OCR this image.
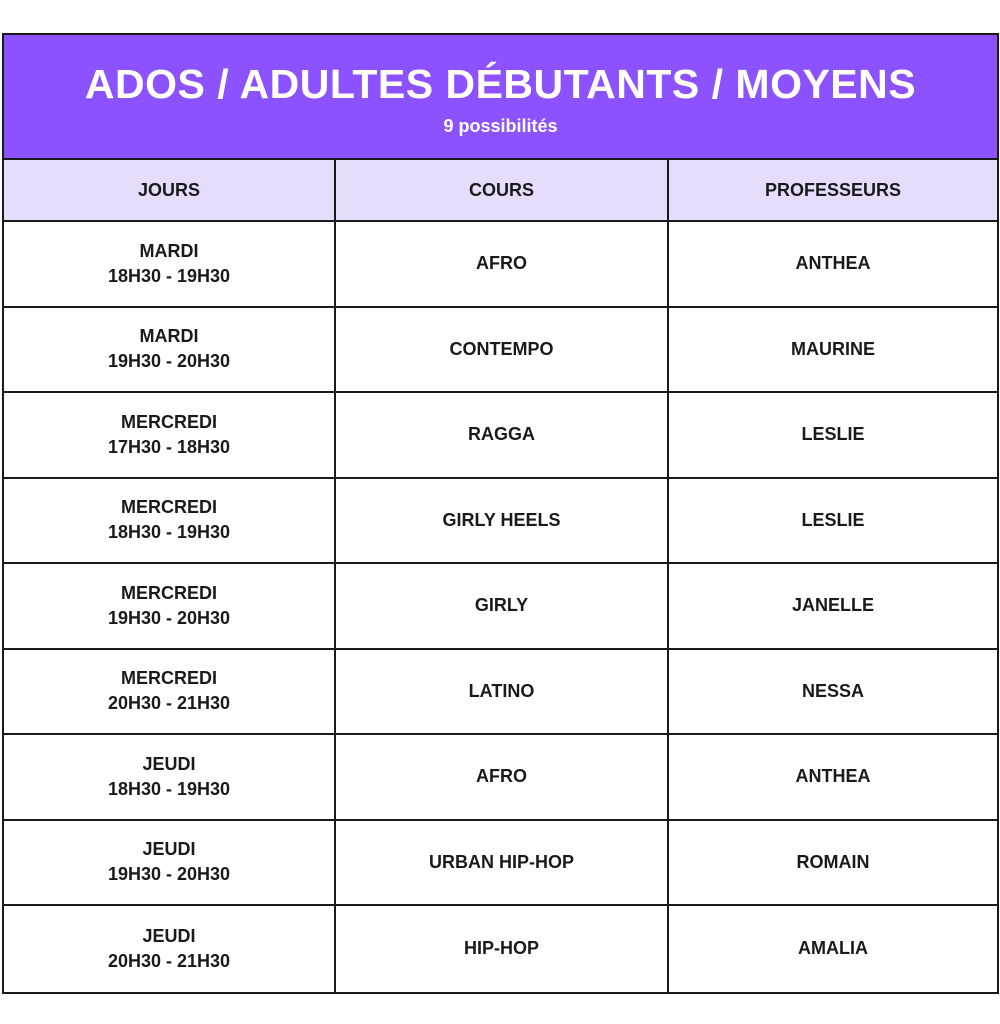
ADOS / ADULTES DÉBUTANTS / MOYENS
9 possibilités
JOURS	COURS	PROFESSEURS
MARDI
18H30 - 19H30
AFRO	ANTHEA
MARDI
19H30 - 20H30
CONTEMPO	MAURINE
MERCREDI
17H30 - 18H30
RAGGA	LESLIE
MERCREDI
18H30 - 19H30
GIRLY HEELS	LESLIE
MERCREDI
19H30 - 20H30
GIRLY	JANELLE
MERCREDI
20H30 - 21H30
LATINO	NESSA
JEUDI
18H30 - 19H30
AFRO	ANTHEA
JEUDI
19H30 - 20H30
URBAN HIP-HOP	ROMAIN
JEUDI
20H30 - 21H30
HIP-HOP	AMALIA
